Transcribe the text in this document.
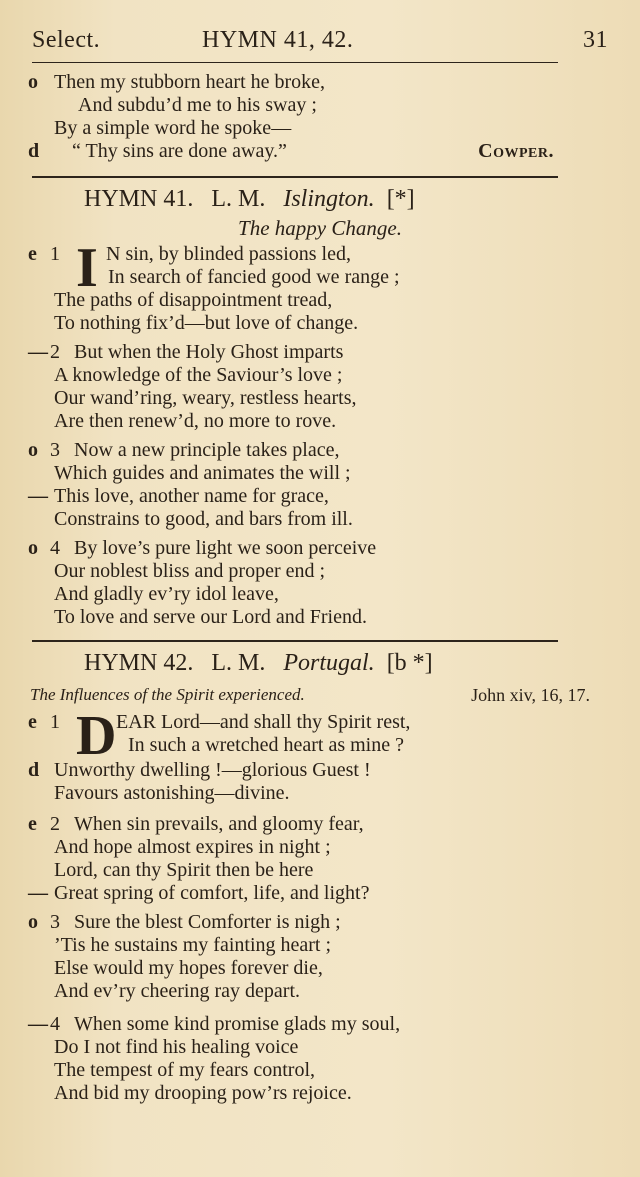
Select.	HYMN 41, 42.	31
o Then my stubborn heart he broke,
And subdu’d me to his sway ;
By a simple word he spoke—
d	“ Thy sins are done away.”	Cowper.
HYMN 41. L. M. Islington. [*]
The happy Change.
I
e 1 N sin, by blinded passions led,
In search of fancied good we range ;
The paths of disappointment tread,
To nothing fix’d—but love of change.
— 2 But when the Holy Ghost imparts
A knowledge of the Saviour’s love ;
Our wand’ring, weary, restless hearts,
Are then renew’d, no more to rove.
o 3 Now a new principle takes place,
Which guides and animates the will ;
— This love, another name for grace,
Constrains to good, and bars from ill.
o 4 By love’s pure light we soon perceive
Our noblest bliss and proper end ;
And gladly ev’ry idol leave,
To love and serve our Lord and Friend.
HYMN 42. L. M. Portugal. [b *]
The Influences of the Spirit experienced.	John xiv, 16, 17.
D
e 1	EAR Lord—and shall thy Spirit rest,
In such a wretched heart as mine ?
d Unworthy dwelling !—glorious Guest !
Favours astonishing—divine.
e 2 When sin prevails, and gloomy fear,
And hope almost expires in night ;
Lord, can thy Spirit then be here
— Great spring of comfort, life, and light?
o 3 Sure the blest Comforter is nigh ;
’Tis he sustains my fainting heart ;
Else would my hopes forever die,
And ev’ry cheering ray depart.
— 4 When some kind promise glads my soul,
Do I not find his healing voice
The tempest of my fears control,
And bid my drooping pow’rs rejoice.
